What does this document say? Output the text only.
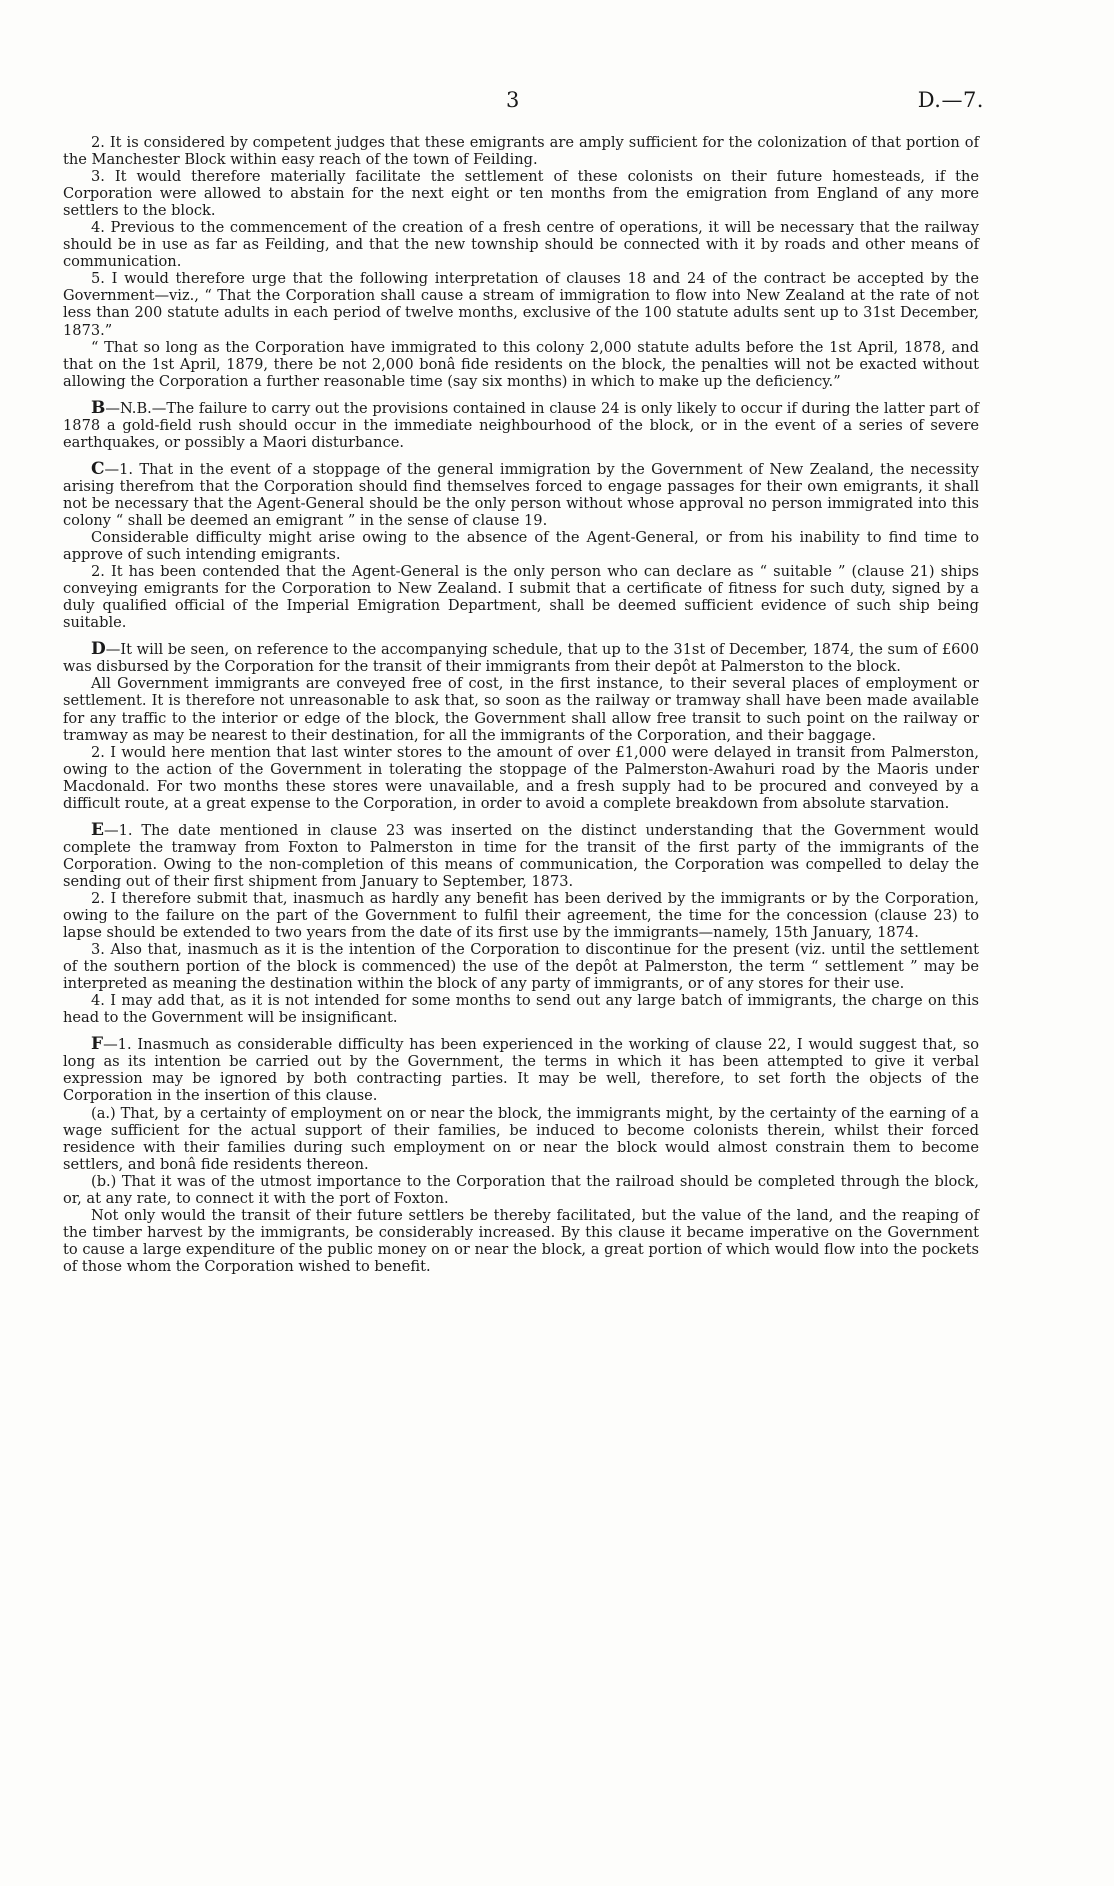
3	D.—7.

2. It is considered by competent judges that these emigrants are amply sufficient for the colonization of that portion of the Manchester Block within easy reach of the town of Feilding.

3. It would therefore materially facilitate the settlement of these colonists on their future homesteads, if the Corporation were allowed to abstain for the next eight or ten months from the emigration from England of any more settlers to the block.

4. Previous to the commencement of the creation of a fresh centre of operations, it will be necessary that the railway should be in use as far as Feilding, and that the new township should be connected with it by roads and other means of communication.

5. I would therefore urge that the following interpretation of clauses 18 and 24 of the contract be accepted by the Government—viz., “ That the Corporation shall cause a stream of immigration to flow into New Zealand at the rate of not less than 200 statute adults in each period of twelve months, exclusive of the 100 statute adults sent up to 31st December, 1873.”

“ That so long as the Corporation have immigrated to this colony 2,000 statute adults before the 1st April, 1878, and that on the 1st April, 1879, there be not 2,000 bonâ fide residents on the block, the penalties will not be exacted without allowing the Corporation a further reasonable time (say six months) in which to make up the deficiency.”

B—N.B.—The failure to carry out the provisions contained in clause 24 is only likely to occur if during the latter part of 1878 a gold-field rush should occur in the immediate neighbourhood of the block, or in the event of a series of severe earthquakes, or possibly a Maori disturbance.

C—1. That in the event of a stoppage of the general immigration by the Government of New Zealand, the necessity arising therefrom that the Corporation should find themselves forced to engage passages for their own emigrants, it shall not be necessary that the Agent-General should be the only person without whose approval no person immigrated into this colony “ shall be deemed an emigrant ” in the sense of clause 19.

Considerable difficulty might arise owing to the absence of the Agent-General, or from his inability to find time to approve of such intending emigrants.

2. It has been contended that the Agent-General is the only person who can declare as “ suitable ” (clause 21) ships conveying emigrants for the Corporation to New Zealand. I submit that a certificate of fitness for such duty, signed by a duly qualified official of the Imperial Emigration Department, shall be deemed sufficient evidence of such ship being suitable.

D—It will be seen, on reference to the accompanying schedule, that up to the 31st of December, 1874, the sum of £600 was disbursed by the Corporation for the transit of their immigrants from their depôt at Palmerston to the block.

All Government immigrants are conveyed free of cost, in the first instance, to their several places of employment or settlement. It is therefore not unreasonable to ask that, so soon as the railway or tramway shall have been made available for any traffic to the interior or edge of the block, the Government shall allow free transit to such point on the railway or tramway as may be nearest to their destination, for all the immigrants of the Corporation, and their baggage.

2. I would here mention that last winter stores to the amount of over £1,000 were delayed in transit from Palmerston, owing to the action of the Government in tolerating the stoppage of the Palmerston-Awahuri road by the Maoris under Macdonald. For two months these stores were unavailable, and a fresh supply had to be procured and conveyed by a difficult route, at a great expense to the Corporation, in order to avoid a complete breakdown from absolute starvation.

E—1. The date mentioned in clause 23 was inserted on the distinct understanding that the Government would complete the tramway from Foxton to Palmerston in time for the transit of the first party of the immigrants of the Corporation. Owing to the non-completion of this means of communication, the Corporation was compelled to delay the sending out of their first shipment from January to September, 1873.

2. I therefore submit that, inasmuch as hardly any benefit has been derived by the immigrants or by the Corporation, owing to the failure on the part of the Government to fulfil their agreement, the time for the concession (clause 23) to lapse should be extended to two years from the date of its first use by the immigrants—namely, 15th January, 1874.

3. Also that, inasmuch as it is the intention of the Corporation to discontinue for the present (viz. until the settlement of the southern portion of the block is commenced) the use of the depôt at Palmerston, the term “ settlement ” may be interpreted as meaning the destination within the block of any party of immigrants, or of any stores for their use.

4. I may add that, as it is not intended for some months to send out any large batch of immigrants, the charge on this head to the Government will be insignificant.

F—1. Inasmuch as considerable difficulty has been experienced in the working of clause 22, I would suggest that, so long as its intention be carried out by the Government, the terms in which it has been attempted to give it verbal expression may be ignored by both contracting parties. It may be well, therefore, to set forth the objects of the Corporation in the insertion of this clause.

(a.) That, by a certainty of employment on or near the block, the immigrants might, by the certainty of the earning of a wage sufficient for the actual support of their families, be induced to become colonists therein, whilst their forced residence with their families during such employment on or near the block would almost constrain them to become settlers, and bonâ fide residents thereon.

(b.) That it was of the utmost importance to the Corporation that the railroad should be completed through the block, or, at any rate, to connect it with the port of Foxton.

Not only would the transit of their future settlers be thereby facilitated, but the value of the land, and the reaping of the timber harvest by the immigrants, be considerably increased. By this clause it became imperative on the Government to cause a large expenditure of the public money on or near the block, a great portion of which would flow into the pockets of those whom the Corporation wished to benefit.
